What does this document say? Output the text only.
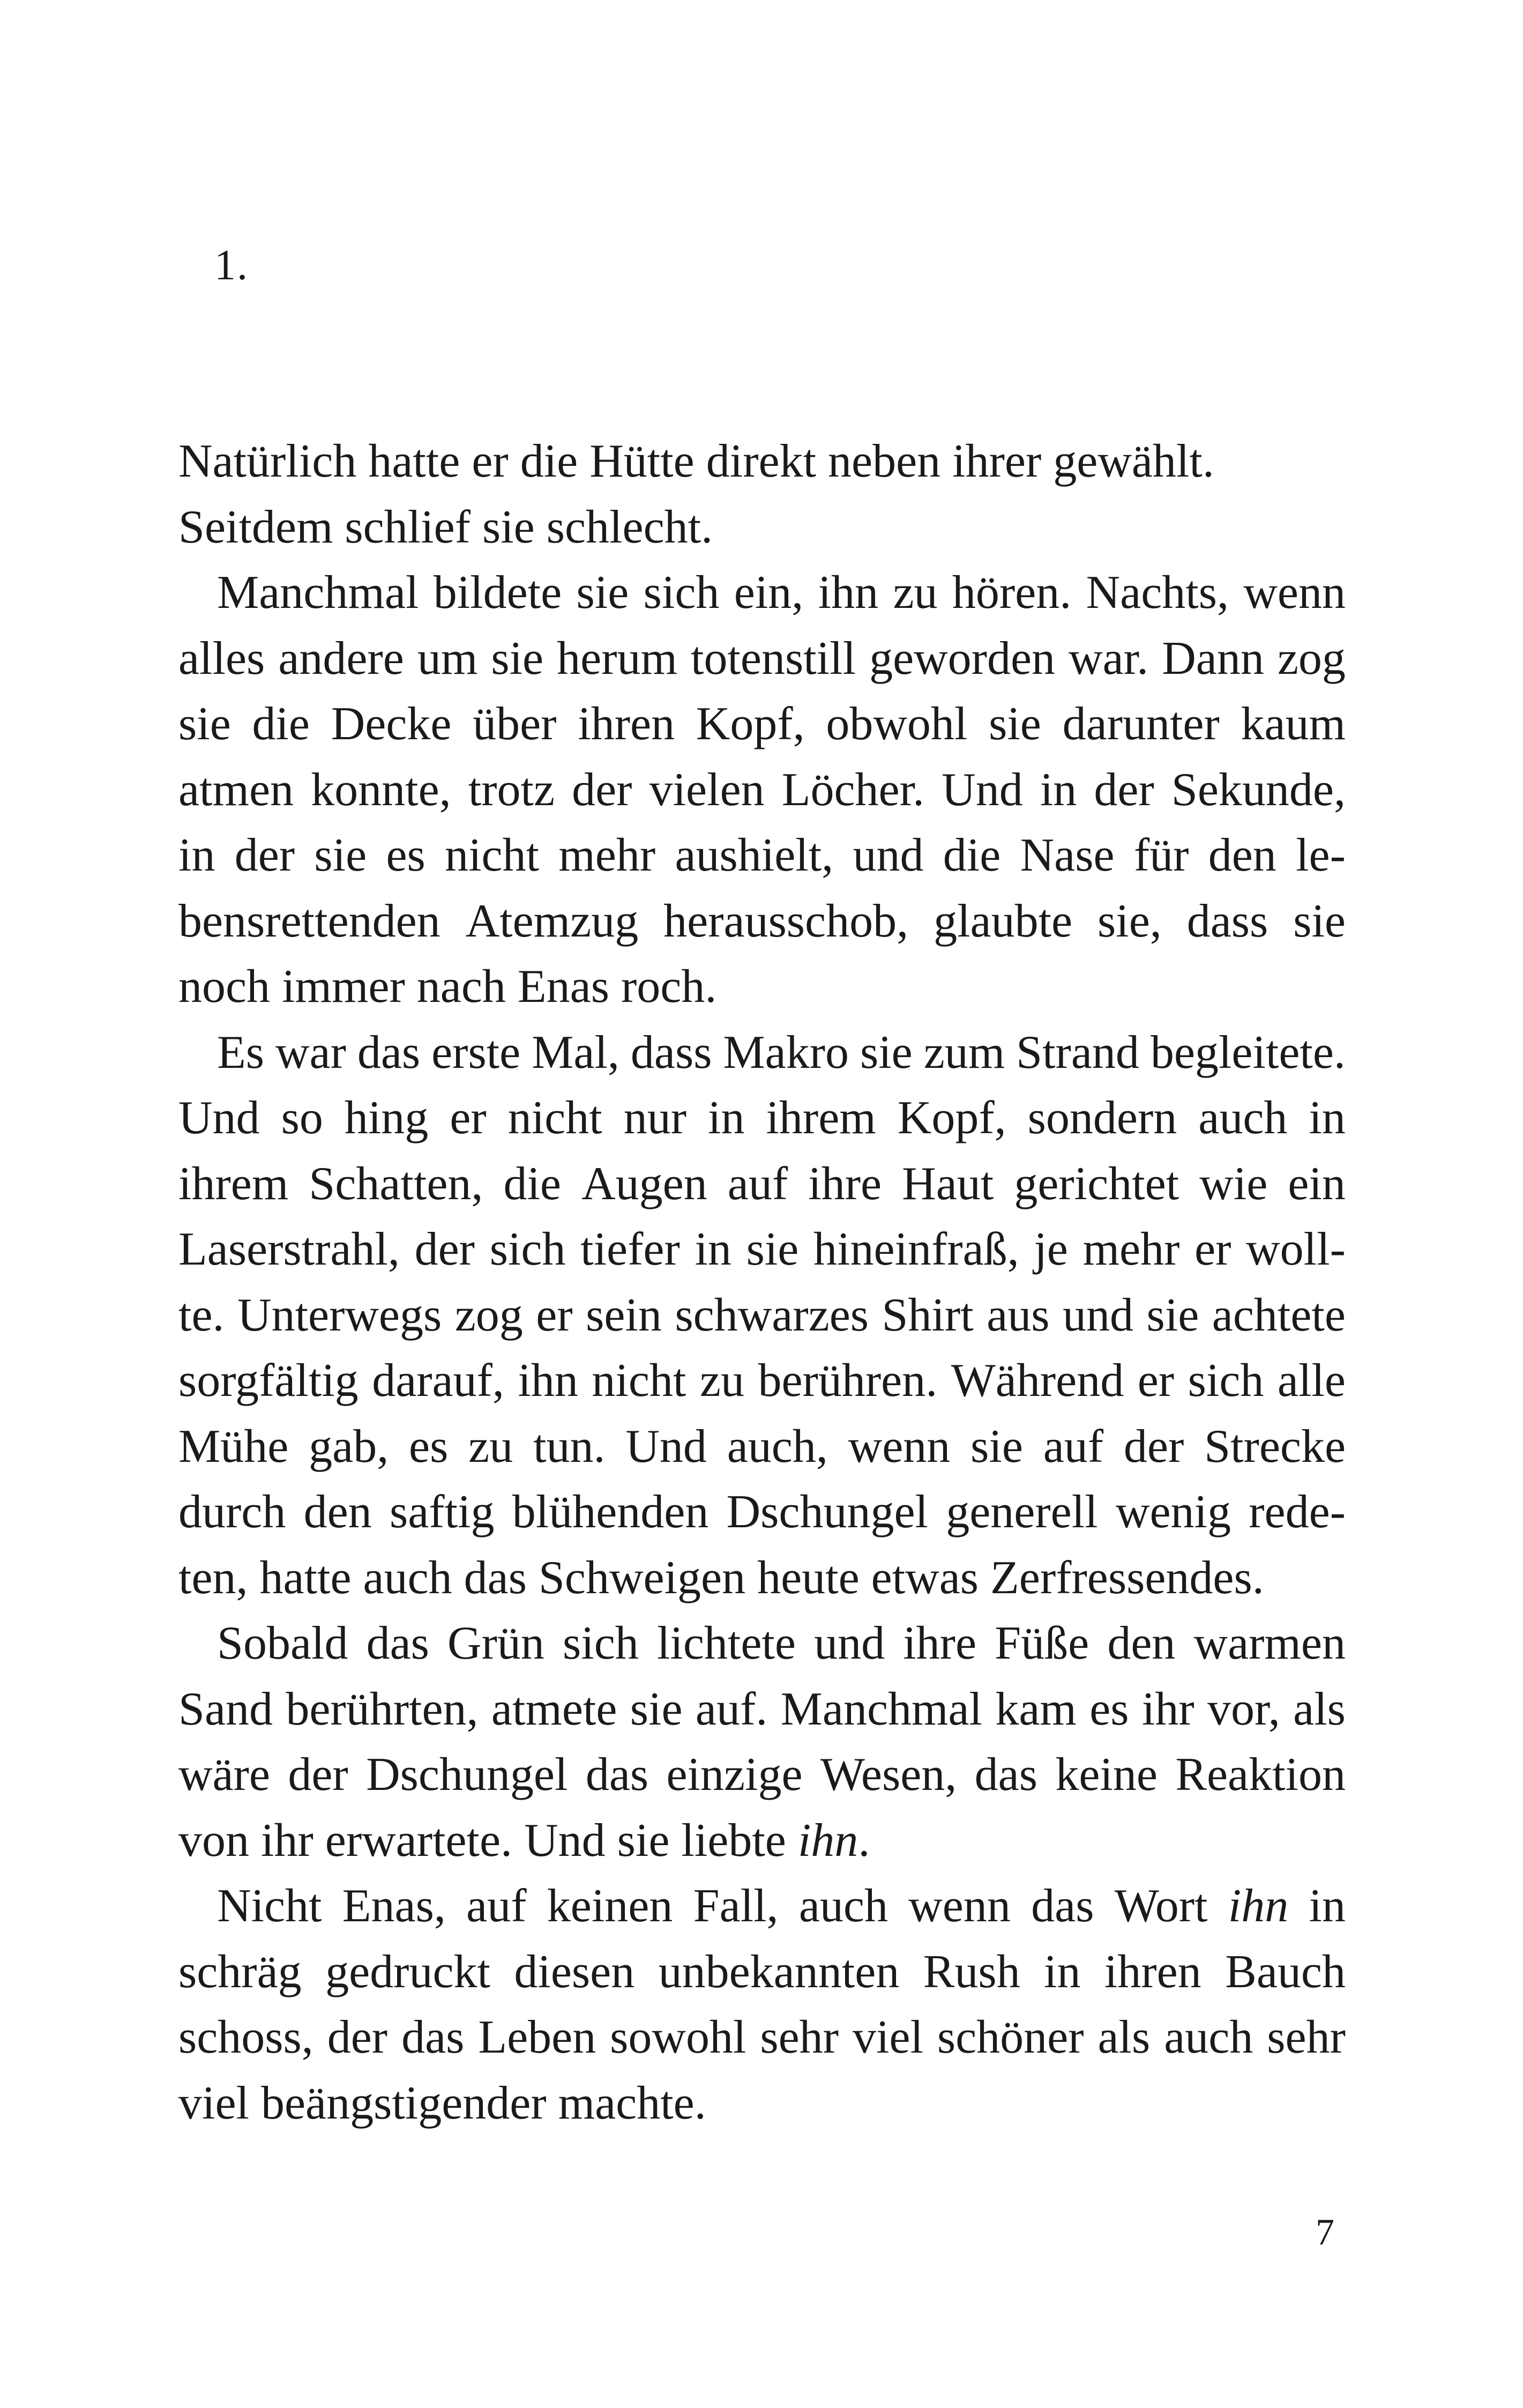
1.
Natürlich hatte er die Hütte direkt neben ihrer gewählt.
Seitdem schlief sie schlecht.
Manchmal bildete sie sich ein, ihn zu hören. Nachts, wenn
alles andere um sie herum totenstill geworden war. Dann zog
sie die Decke über ihren Kopf, obwohl sie darunter kaum
atmen konnte, trotz der vielen Löcher. Und in der Sekunde,
in der sie es nicht mehr aushielt, und die Nase für den le-
bensrettenden Atemzug herausschob, glaubte sie, dass sie
noch immer nach Enas roch.
Es war das erste Mal, dass Makro sie zum Strand begleitete.
Und so hing er nicht nur in ihrem Kopf, sondern auch in
ihrem Schatten, die Augen auf ihre Haut gerichtet wie ein
Laserstrahl, der sich tiefer in sie hineinfraß, je mehr er woll-
te. Unterwegs zog er sein schwarzes Shirt aus und sie achtete
sorgfältig darauf, ihn nicht zu berühren. Während er sich alle
Mühe gab, es zu tun. Und auch, wenn sie auf der Strecke
durch den saftig blühenden Dschungel generell wenig rede-
ten, hatte auch das Schweigen heute etwas Zerfressendes.
Sobald das Grün sich lichtete und ihre Füße den warmen
Sand berührten, atmete sie auf. Manchmal kam es ihr vor, als
wäre der Dschungel das einzige Wesen, das keine Reaktion
von ihr erwartete. Und sie liebte ihn.
Nicht Enas, auf keinen Fall, auch wenn das Wort ihn in
schräg gedruckt diesen unbekannten Rush in ihren Bauch
schoss, der das Leben sowohl sehr viel schöner als auch sehr
viel beängstigender machte.
7
